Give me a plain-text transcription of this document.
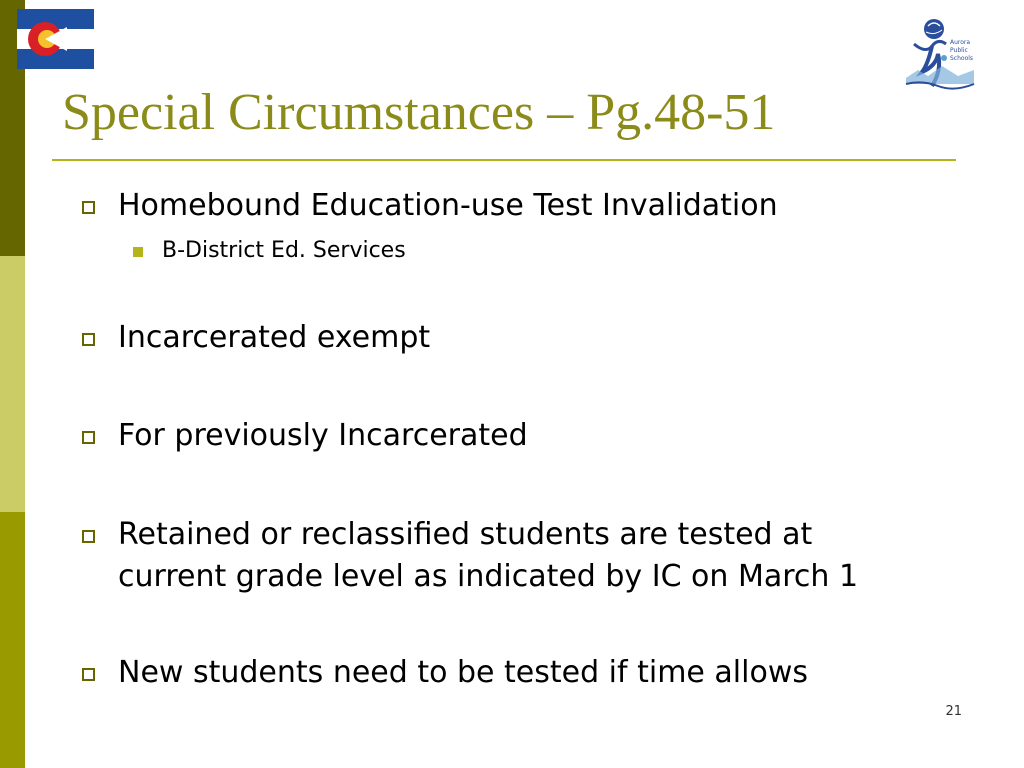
Aurora
Public
Schools
Special Circumstances – Pg.48-51
Homebound Education-use Test Invalidation
B-District Ed. Services
Incarcerated exempt
For previously Incarcerated
Retained or reclassified students are tested at
current grade level as indicated by IC on March 1
New students need to be tested if time allows
21
